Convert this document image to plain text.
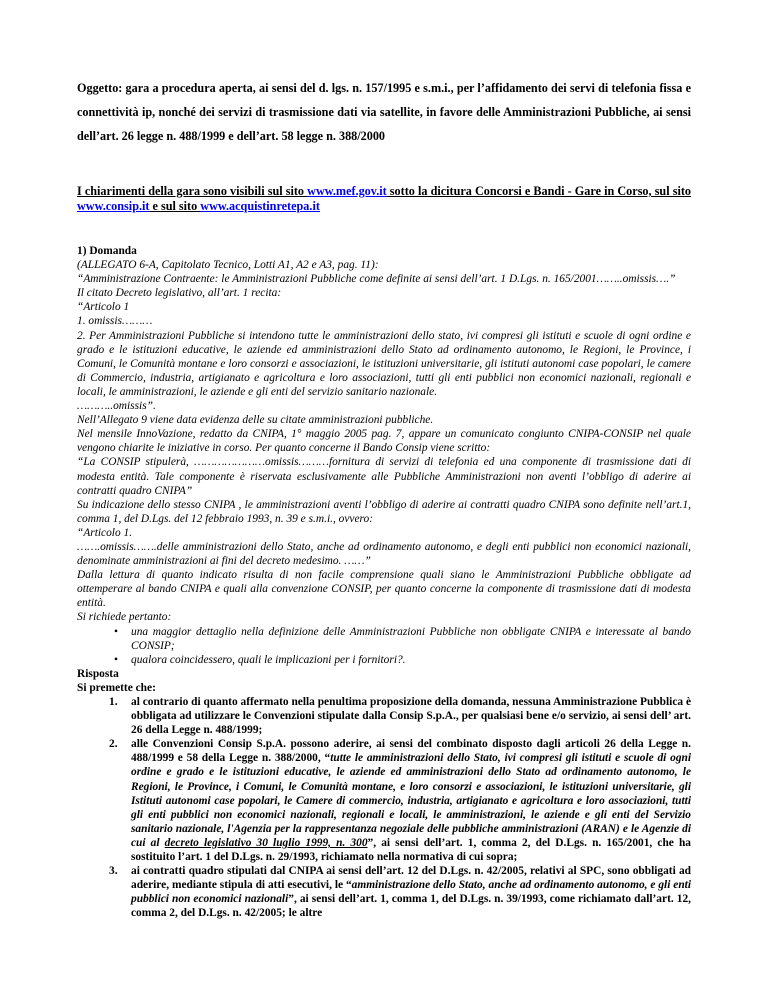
Oggetto: gara a procedura aperta, ai sensi del d. lgs. n. 157/1995 e s.m.i., per l’affidamento dei servi di telefonia fissa e connettività ip, nonché dei servizi di trasmissione dati via satellite, in favore delle Amministrazioni Pubbliche, ai sensi dell’art. 26 legge n. 488/1999 e dell’art. 58 legge n. 388/2000

I chiarimenti della gara sono visibili sul sito www.mef.gov.it sotto la dicitura Concorsi e Bandi - Gare in Corso, sul sito www.consip.it e sul sito www.acquistinretepa.it

1) Domanda

(ALLEGATO 6-A, Capitolato Tecnico, Lotti A1, A2 e A3, pag. 11):

“Amministrazione Contraente: le Amministrazioni Pubbliche come definite ai sensi dell’art. 1 D.Lgs. n. 165/2001……..omissis….”

Il citato Decreto legislativo, all’art. 1 recita:

“Articolo 1

1. omissis………

2. Per Amministrazioni Pubbliche si intendono tutte le amministrazioni dello stato, ivi compresi gli istituti e scuole di ogni ordine e grado e le istituzioni educative, le aziende ed amministrazioni dello Stato ad ordinamento autonomo, le Regioni, le Province, i Comuni, le Comunità montane e loro consorzi e associazioni, le istituzioni universitarie, gli istituti autonomi case popolari, le camere di Commercio, industria, artigianato e agricoltura e loro associazioni, tutti gli enti pubblici non economici nazionali, regionali e locali, le amministrazioni, le aziende e gli enti del servizio sanitario nazionale.

………..omissis”.

Nell’Allegato 9 viene data evidenza delle su citate amministrazioni pubbliche.

Nel mensile InnoVazione, redatto da CNIPA, 1° maggio 2005 pag. 7, appare un comunicato congiunto CNIPA-CONSIP nel quale vengono chiarite le iniziative in corso. Per quanto concerne il Bando Consip viene scritto:

“La CONSIP stipulerà, …………………omissis………fornitura di servizi di telefonia ed una componente di trasmissione dati di modesta entità. Tale componente è riservata esclusivamente alle Pubbliche Amministrazioni non aventi l’obbligo di aderire ai contratti quadro CNIPA”

Su indicazione dello stesso CNIPA , le amministrazioni aventi l’obbligo di aderire ai contratti quadro CNIPA sono definite nell’art.1, comma 1, del D.Lgs. del 12 febbraio 1993, n. 39 e s.m.i., ovvero:

“Articolo 1.

…….omissis…….delle amministrazioni dello Stato, anche ad ordinamento autonomo, e degli enti pubblici non economici nazionali, denominate amministrazioni ai fini del decreto medesimo. ……”

Dalla lettura di quanto indicato risulta di non facile comprensione quali siano le Amministrazioni Pubbliche obbligate ad ottemperare al bando CNIPA e quali alla convenzione CONSIP, per quanto concerne la componente di trasmissione dati di modesta entità.

Si richiede pertanto:

• una maggior dettaglio nella definizione delle Amministrazioni Pubbliche non obbligate CNIPA e interessate al bando CONSIP;
• qualora coincidessero, quali le implicazioni per i fornitori?.

Risposta

Si premette che:

1. al contrario di quanto affermato nella penultima proposizione della domanda, nessuna Amministrazione Pubblica è obbligata ad utilizzare le Convenzioni stipulate dalla Consip S.p.A., per qualsiasi bene e/o servizio, ai sensi dell’ art. 26 della Legge n. 488/1999;
2. alle Convenzioni Consip S.p.A. possono aderire, ai sensi del combinato disposto dagli articoli 26 della Legge n. 488/1999 e 58 della Legge n. 388/2000, “tutte le amministrazioni dello Stato, ivi compresi gli istituti e scuole di ogni ordine e grado e le istituzioni educative, le aziende ed amministrazioni dello Stato ad ordinamento autonomo, le Regioni, le Province, i Comuni, le Comunità montane, e loro consorzi e associazioni, le istituzioni universitarie, gli Istituti autonomi case popolari, le Camere di commercio, industria, artigianato e agricoltura e loro associazioni, tutti gli enti pubblici non economici nazionali, regionali e locali, le amministrazioni, le aziende e gli enti del Servizio sanitario nazionale, l'Agenzia per la rappresentanza negoziale delle pubbliche amministrazioni (ARAN) e le Agenzie di cui al decreto legislativo 30 luglio 1999, n. 300”, ai sensi dell’art. 1, comma 2, del D.Lgs. n. 165/2001, che ha sostituito l’art. 1 del D.Lgs. n. 29/1993, richiamato nella normativa di cui sopra;
3. ai contratti quadro stipulati dal CNIPA ai sensi dell’art. 12 del D.Lgs. n. 42/2005, relativi al SPC, sono obbligati ad aderire, mediante stipula di atti esecutivi, le “amministrazione dello Stato, anche ad ordinamento autonomo, e gli enti pubblici non economici nazionali”, ai sensi dell’art. 1, comma 1, del D.Lgs. n. 39/1993, come richiamato dall’art. 12, comma 2, del D.Lgs. n. 42/2005; le altre
